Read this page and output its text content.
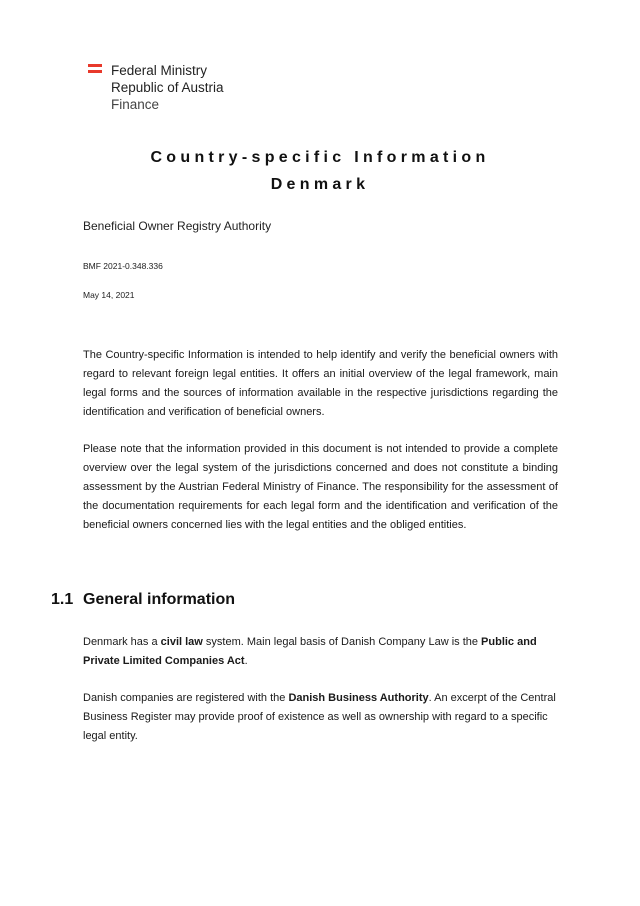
Federal Ministry
Republic of Austria
Finance
Country-specific Information
Denmark
Beneficial Owner Registry Authority
BMF 2021-0.348.336
May 14, 2021

The Country-specific Information is intended to help identify and verify the beneficial owners with regard to relevant foreign legal entities. It offers an initial overview of the legal framework, main legal forms and the sources of information available in the respective jurisdictions regarding the identification and verification of beneficial owners.

Please note that the information provided in this document is not intended to provide a complete overview over the legal system of the jurisdictions concerned and does not constitute a binding assessment by the Austrian Federal Ministry of Finance. The responsibility for the assessment of the documentation requirements for each legal form and the identification and verification of the beneficial owners concerned lies with the legal entities and the obliged entities.

1.1 General information

Denmark has a civil law system. Main legal basis of Danish Company Law is the Public and Private Limited Companies Act.

Danish companies are registered with the Danish Business Authority. An excerpt of the Central Business Register may provide proof of existence as well as ownership with regard to a specific legal entity.
